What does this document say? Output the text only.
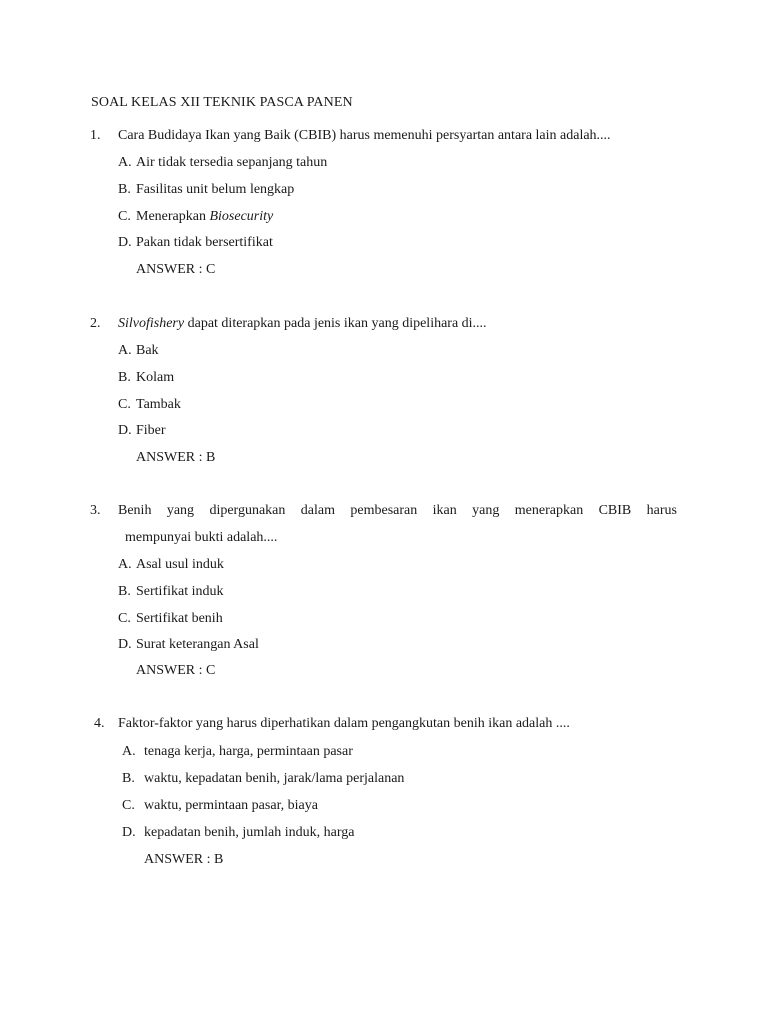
SOAL KELAS XII TEKNIK PASCA PANEN
1. Cara Budidaya Ikan yang Baik (CBIB) harus memenuhi persyartan antara lain adalah....
A. Air tidak tersedia sepanjang tahun
B. Fasilitas unit belum lengkap
C. Menerapkan Biosecurity
D. Pakan tidak bersertifikat
ANSWER : C
2. Silvofishery dapat diterapkan pada jenis ikan yang dipelihara di....
A. Bak
B. Kolam
C. Tambak
D. Fiber
ANSWER : B
3. Benih yang dipergunakan dalam pembesaran ikan yang menerapkan CBIB harus
mempunyai bukti adalah....
A. Asal usul induk
B. Sertifikat induk
C. Sertifikat benih
D. Surat keterangan Asal
ANSWER : C
4. Faktor-faktor yang harus diperhatikan dalam pengangkutan benih ikan adalah ....
A. tenaga kerja, harga, permintaan pasar
B. waktu, kepadatan benih, jarak/lama perjalanan
C. waktu, permintaan pasar, biaya
D. kepadatan benih, jumlah induk, harga
ANSWER : B
